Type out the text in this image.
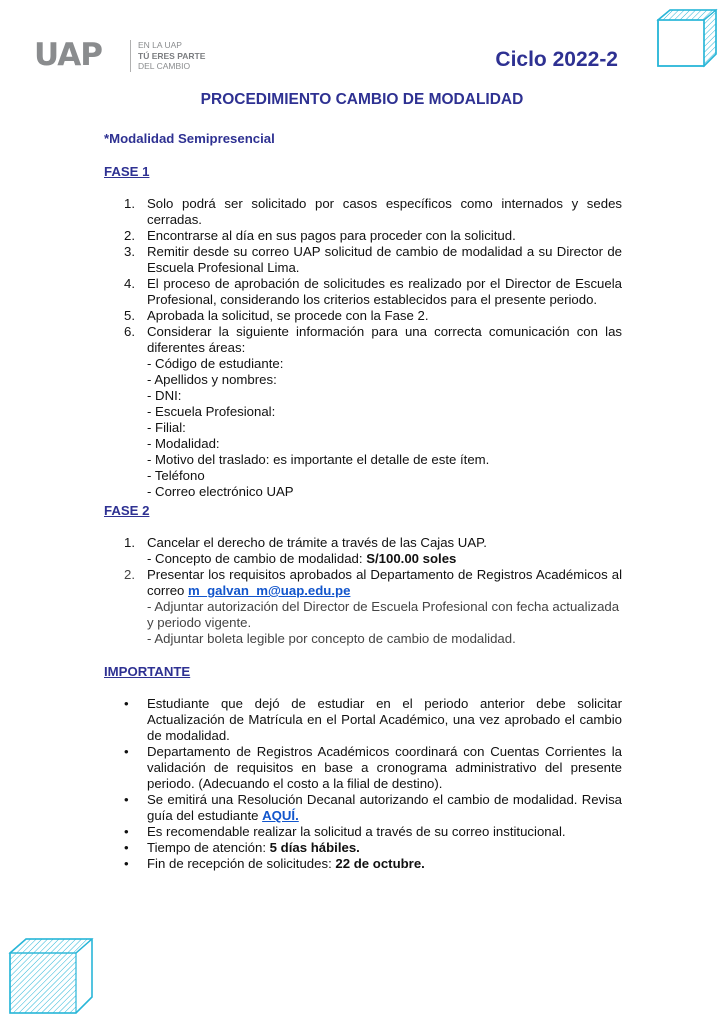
UAP	EN LA UAP
TÚ ERES PARTE
DEL CAMBIO	Ciclo 2022-2
PROCEDIMIENTO CAMBIO DE MODALIDAD
*Modalidad Semipresencial
FASE 1
1. Solo podrá ser solicitado por casos específicos como internados y sedes cerradas.
2. Encontrarse al día en sus pagos para proceder con la solicitud.
3. Remitir desde su correo UAP solicitud de cambio de modalidad a su Director de Escuela Profesional Lima.
4. El proceso de aprobación de solicitudes es realizado por el Director de Escuela Profesional, considerando los criterios establecidos para el presente periodo.
5. Aprobada la solicitud, se procede con la Fase 2.
6. Considerar la siguiente información para una correcta comunicación con las diferentes áreas:
- Código de estudiante:
- Apellidos y nombres:
- DNI:
- Escuela Profesional:
- Filial:
- Modalidad:
- Motivo del traslado: es importante el detalle de este ítem.
- Teléfono
- Correo electrónico UAP
FASE 2
1. Cancelar el derecho de trámite a través de las Cajas UAP.
- Concepto de cambio de modalidad: S/100.00 soles
2. Presentar los requisitos aprobados al Departamento de Registros Académicos al correo m_galvan_m@uap.edu.pe
- Adjuntar autorización del Director de Escuela Profesional con fecha actualizada y periodo vigente.
- Adjuntar boleta legible por concepto de cambio de modalidad.
IMPORTANTE
• Estudiante que dejó de estudiar en el periodo anterior debe solicitar Actualización de Matrícula en el Portal Académico, una vez aprobado el cambio de modalidad.
• Departamento de Registros Académicos coordinará con Cuentas Corrientes la validación de requisitos en base a cronograma administrativo del presente periodo. (Adecuando el costo a la filial de destino).
• Se emitirá una Resolución Decanal autorizando el cambio de modalidad. Revisa guía del estudiante AQUÍ.
• Es recomendable realizar la solicitud a través de su correo institucional.
• Tiempo de atención: 5 días hábiles.
• Fin de recepción de solicitudes: 22 de octubre.
